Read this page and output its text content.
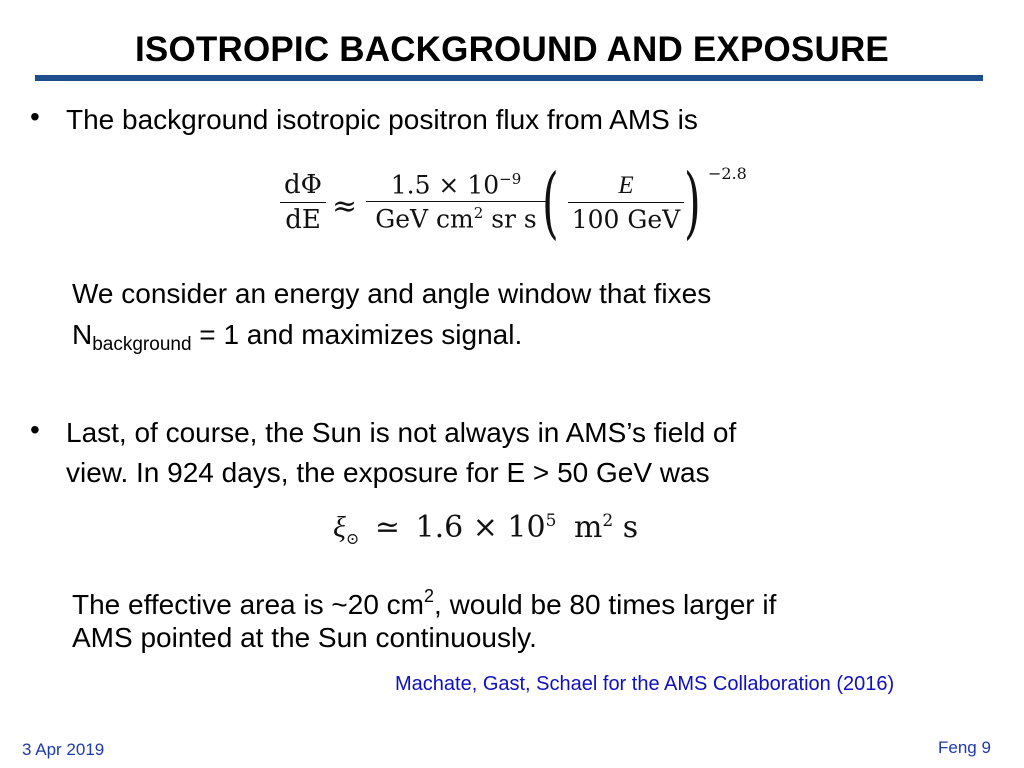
ISOTROPIC BACKGROUND AND EXPOSURE
• The background isotropic positron flux from AMS is
dΦ
dE ≈
$1.5 \times 10^{-9}$
GeV $cm^2$ sr s (	E
100 GeV ) −2.8
We consider an energy and angle window that fixes
$N_{background} = 1$ and maximizes signal.
• Last, of course, the Sun is not always in AMS’s field of
view. In 924 days, the exposure for E > 50 GeV was
$\xi_⊙$ ≃ $1.6 \times 10^5$ $m^2$ s
The effective area is ~20 $cm^2$, would be 80 times larger if
AMS pointed at the Sun continuously.
Machate, Gast, Schael for the AMS Collaboration (2016)
3 Apr 2019	Feng 9
